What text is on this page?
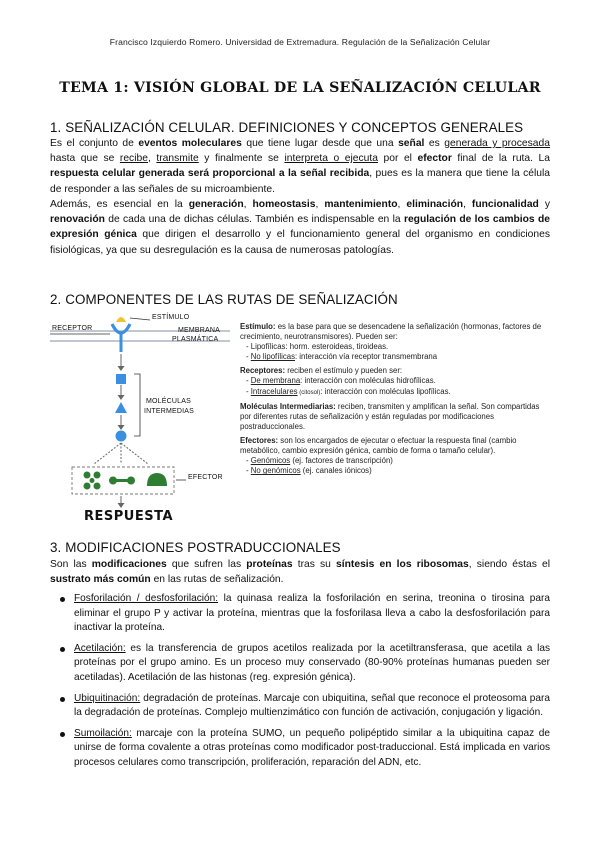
Francisco Izquierdo Romero. Universidad de Extremadura. Regulación de la Señalización Celular
TEMA 1: VISIÓN GLOBAL DE LA SEÑALIZACIÓN CELULAR
1. SEÑALIZACIÓN CELULAR. DEFINICIONES Y CONCEPTOS GENERALES
Es el conjunto de eventos moleculares que tiene lugar desde que una señal es generada y procesada hasta que se recibe, transmite y finalmente se interpreta o ejecuta por el efector final de la ruta. La respuesta celular generada será proporcional a la señal recibida, pues es la manera que tiene la célula de responder a las señales de su microambiente.
Además, es esencial en la generación, homeostasis, mantenimiento, eliminación, funcionalidad y renovación de cada una de dichas células. También es indispensable en la regulación de los cambios de expresión génica que dirigen el desarrollo y el funcionamiento general del organismo en condiciones fisiológicas, ya que su desregulación es la causa de numerosas patologías.
2. COMPONENTES DE LAS RUTAS DE SEÑALIZACIÓN
ESTÍMULO
RECEPTOR	MEMBRANA
PLASMÁTICA
MOLÉCULAS
INTERMEDIAS
EFECTOR
RESPUESTA
Estímulo: es la base para que se desencadene la señalización (hormonas, factores de crecimiento, neurotransmisores). Pueden ser:
- Lipofílicas: horm. esteroideas, tiroideas.
- No lipofílicas: interacción vía receptor transmembrana
Receptores: reciben el estímulo y pueden ser:
- De membrana: interacción con moléculas hidrofílicas.
- Intracelulares (citosol): interacción con moléculas lipofílicas.
Moléculas Intermediarias: reciben, transmiten y amplifican la señal. Son compartidas por diferentes rutas de señalización y están reguladas por modificaciones postraduccionales.
Efectores: son los encargados de ejecutar o efectuar la respuesta final (cambio metabólico, cambio expresión génica, cambio de forma o tamaño celular).
- Genómicos (ej. factores de transcripción)
- No genómicos (ej. canales iónicos)
3. MODIFICACIONES POSTRADUCCIONALES
Son las modificaciones que sufren las proteínas tras su síntesis en los ribosomas, siendo éstas el sustrato más común en las rutas de señalización.
Fosforilación / desfosforilación: la quinasa realiza la fosforilación en serina, treonina o tirosina para eliminar el grupo P y activar la proteína, mientras que la fosforilasa lleva a cabo la desfosforilación para inactivar la proteína.
Acetilación: es la transferencia de grupos acetilos realizada por la acetiltransferasa, que acetila a las proteínas por el grupo amino. Es un proceso muy conservado (80-90% proteínas humanas pueden ser acetiladas). Acetilación de las histonas (reg. expresión génica).
Ubiquitinación: degradación de proteínas. Marcaje con ubiquitina, señal que reconoce el proteosoma para la degradación de proteínas. Complejo multienzimático con función de activación, conjugación y ligación.
Sumoilación: marcaje con la proteína SUMO, un pequeño polipéptido similar a la ubiquitina capaz de unirse de forma covalente a otras proteínas como modificador post-traduccional. Está implicada en varios procesos celulares como transcripción, proliferación, reparación del ADN, etc.
